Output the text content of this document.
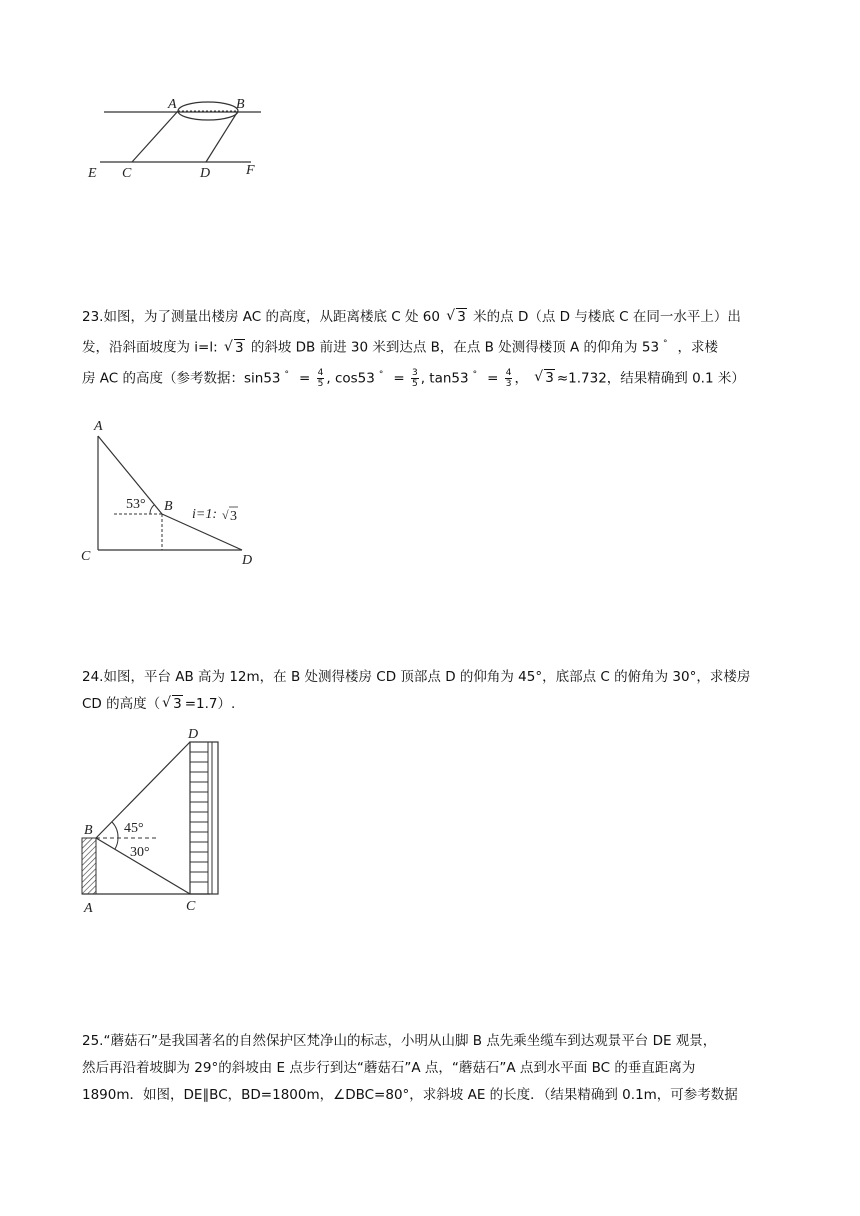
A	B
E C	D	F
23.如图，为了测量出楼房 AC 的高度，从距离楼底 C 处 60 √ 3 米的点 D（点 D 与楼底 C 在同一水平上）出
发，沿斜面坡度为 i=l: √ 3 的斜坡 DB 前进 30 米到达点 B，在点 B 处测得楼顶 A 的仰角为 53 ° ，求楼
房 AC 的高度（参考数据：sin53 $^\circ = \frac{4}{5}$ , cos53 $^\circ = \frac{3}{5}$ , tan53 $^\circ = \frac{4}{3}$ ， √ 3 ≈1.732，结果精确到 0.1 米）
A
C	D
B
53°
i=1: √ 3
24.如图，平台 AB 高为 12m，在 B 处测得楼房 CD 顶部点 D 的仰角为 45°，底部点 C 的俯角为 30°，求楼房
CD 的高度（ √ 3 =1.7）.
D
B
A	C
45°
30°
25.“蘑菇石”是我国著名的自然保护区梵净山的标志，小明从山脚 B 点先乘坐缆车到达观景平台 DE 观景，
然后再沿着坡脚为 29°的斜坡由 E 点步行到达“蘑菇石”A 点，“蘑菇石”A 点到水平面 BC 的垂直距离为
1890m．如图，DE∥BC，BD=1800m，∠DBC=80°，求斜坡 AE 的长度．（结果精确到 0.1m，可参考数据
